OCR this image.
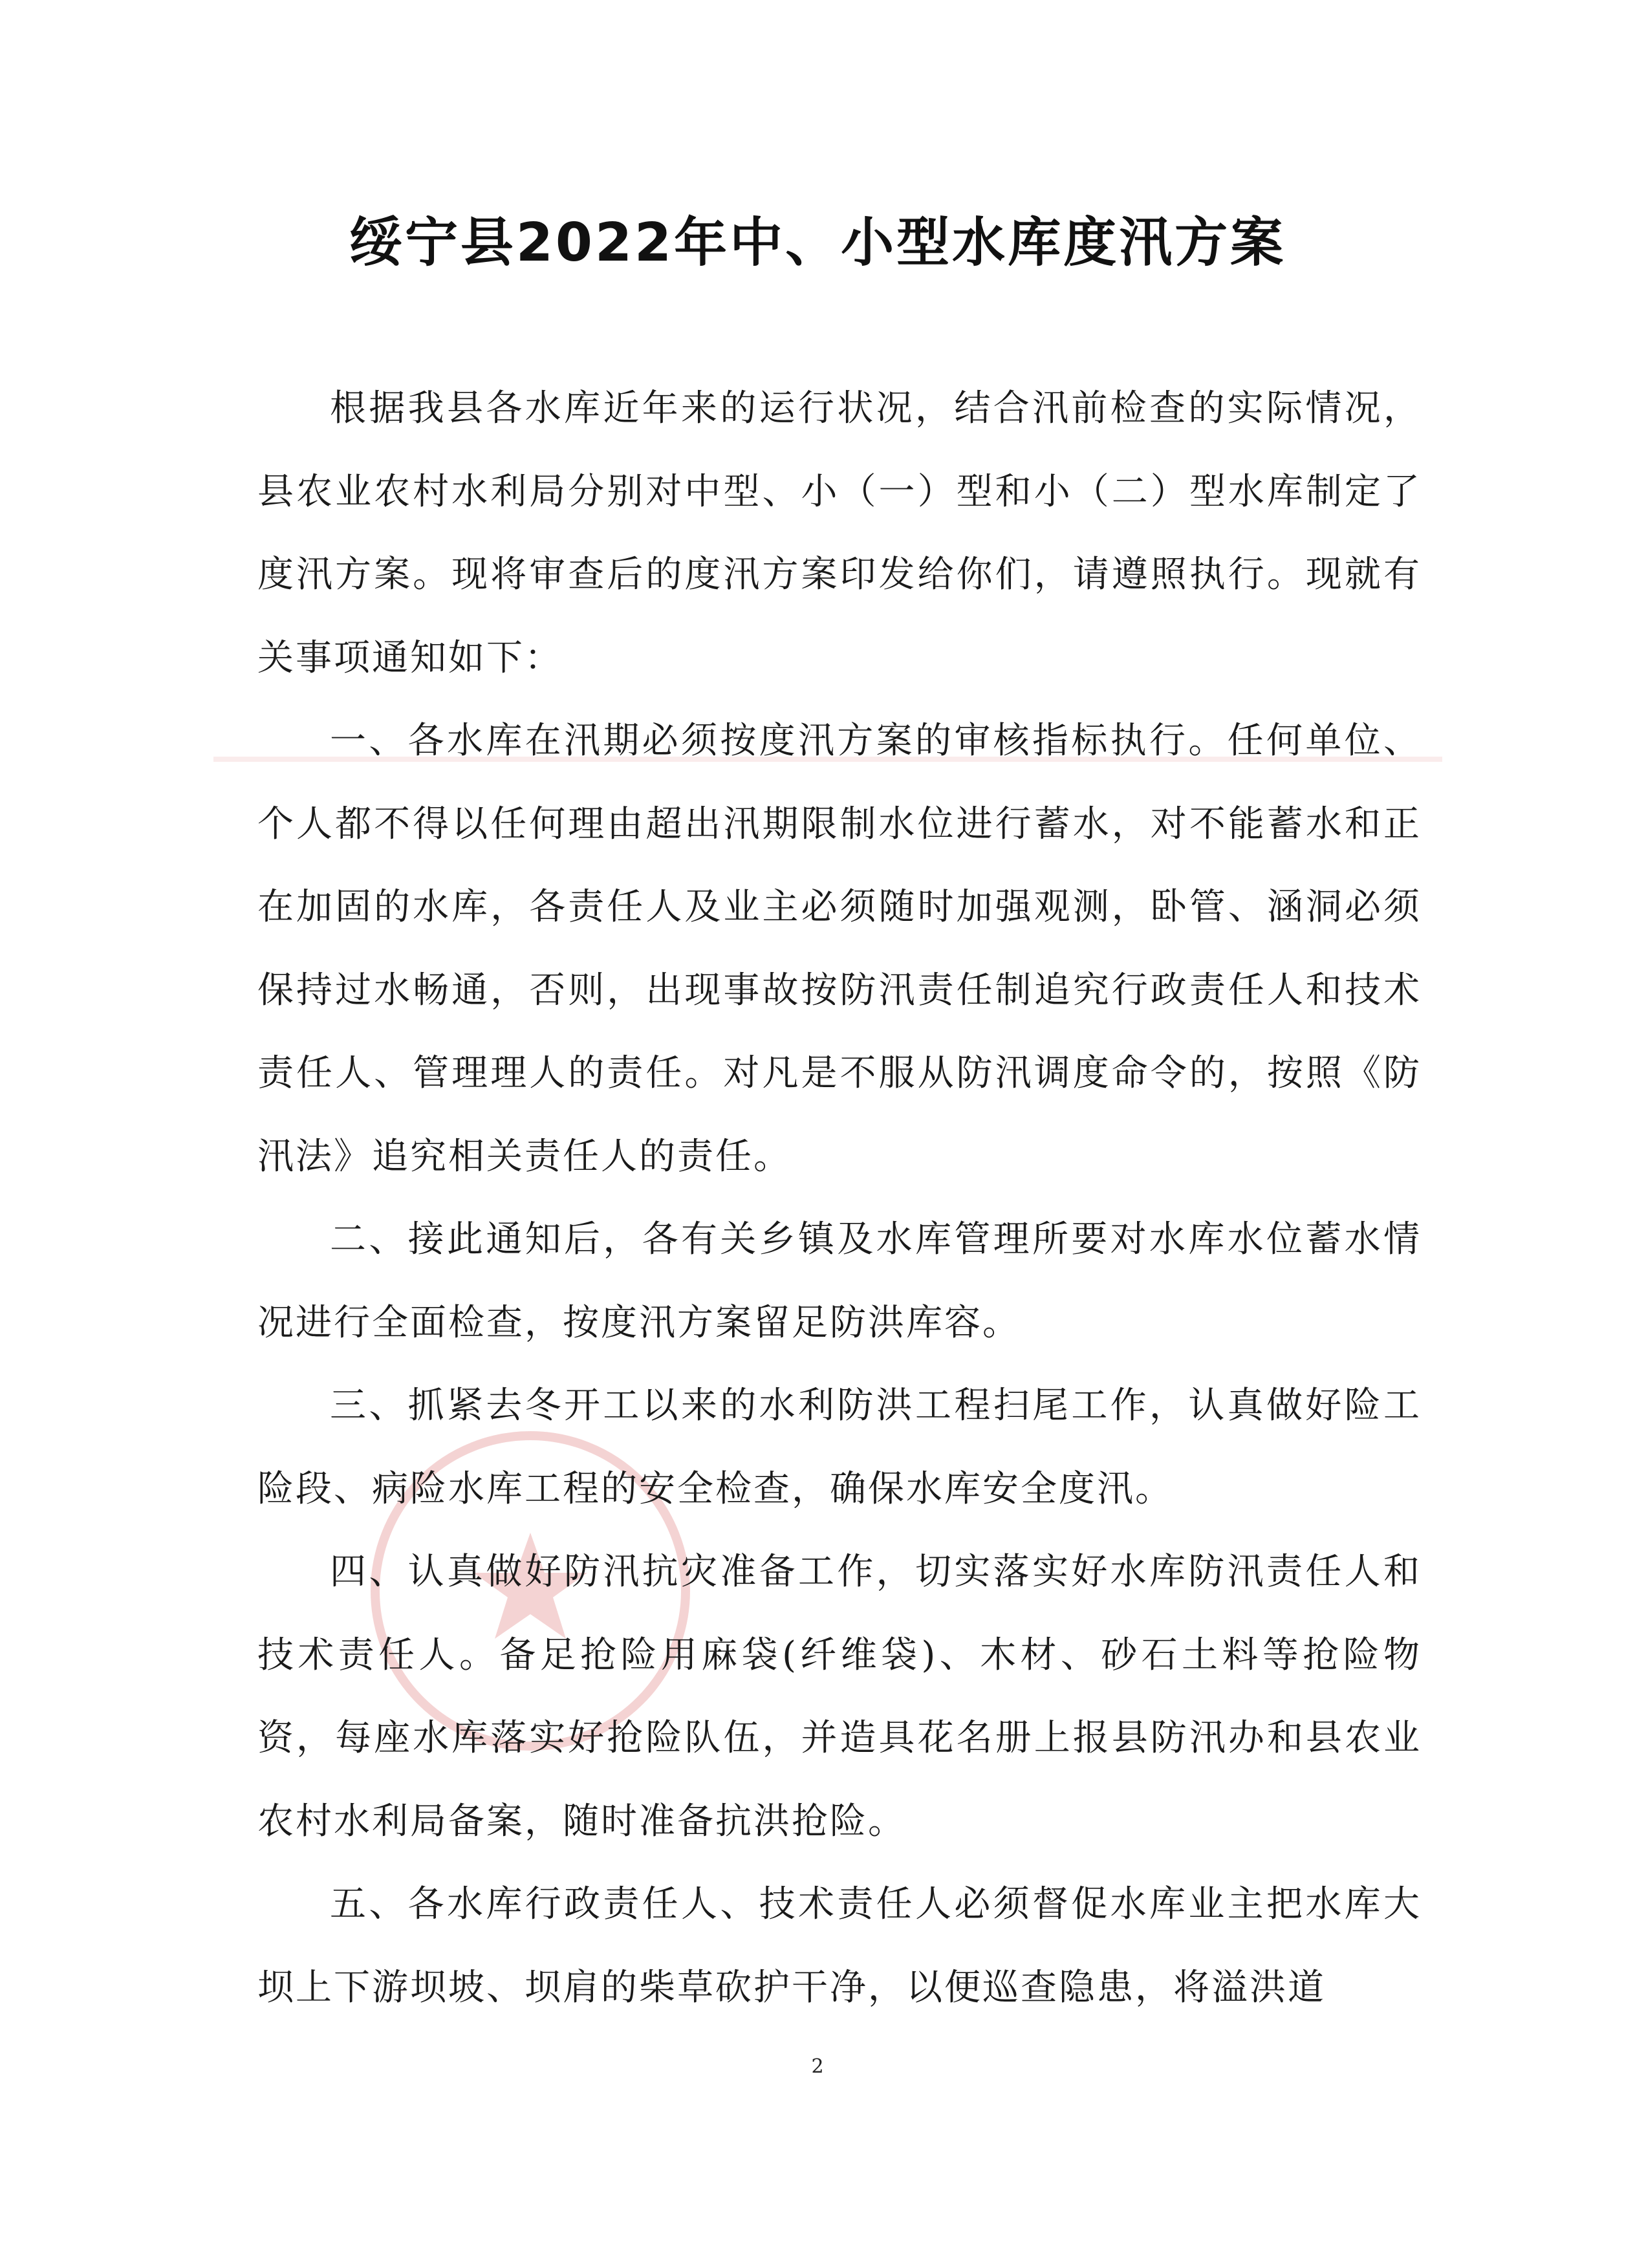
绥宁县2022年中、小型水库度汛方案

根据我县各水库近年来的运行状况，结合汛前检查的实际情况，县农业农村水利局分别对中型、小（一）型和小（二）型水库制定了度汛方案。现将审查后的度汛方案印发给你们，请遵照执行。现就有关事项通知如下：

一、各水库在汛期必须按度汛方案的审核指标执行。任何单位、个人都不得以任何理由超出汛期限制水位进行蓄水，对不能蓄水和正在加固的水库，各责任人及业主必须随时加强观测，卧管、涵洞必须保持过水畅通，否则，出现事故按防汛责任制追究行政责任人和技术责任人、管理理人的责任。对凡是不服从防汛调度命令的，按照《防汛法》追究相关责任人的责任。

二、接此通知后，各有关乡镇及水库管理所要对水库水位蓄水情况进行全面检查，按度汛方案留足防洪库容。

三、抓紧去冬开工以来的水利防洪工程扫尾工作，认真做好险工险段、病险水库工程的安全检查，确保水库安全度汛。

四、认真做好防汛抗灾准备工作，切实落实好水库防汛责任人和技术责任人。备足抢险用麻袋(纤维袋)、木材、砂石土料等抢险物资，每座水库落实好抢险队伍，并造具花名册上报县防汛办和县农业农村水利局备案，随时准备抗洪抢险。

五、各水库行政责任人、技术责任人必须督促水库业主把水库大坝上下游坝坡、坝肩的柴草砍护干净，以便巡查隐患，将溢洪道

2
